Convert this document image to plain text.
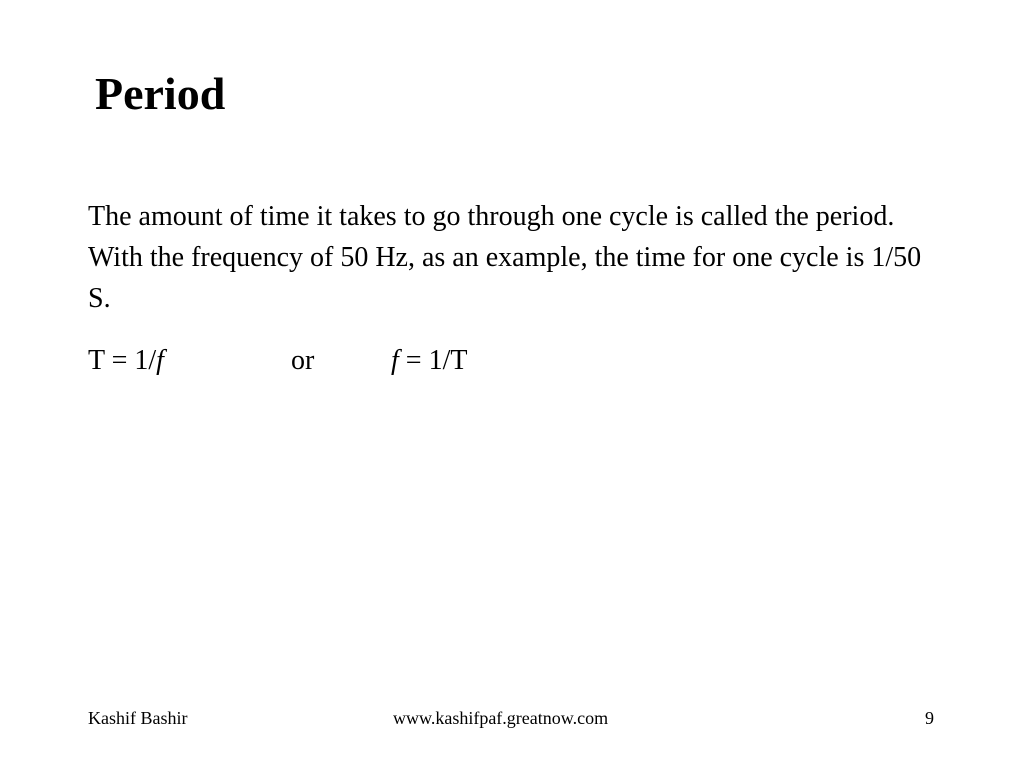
Period

The amount of time it takes to go through one cycle is called the period. With the frequency of 50 Hz, as an example, the time for one cycle is 1/50 S.

T = 1/f	or	f = 1/T
Kashif Bashir	www.kashifpaf.greatnow.com	9
